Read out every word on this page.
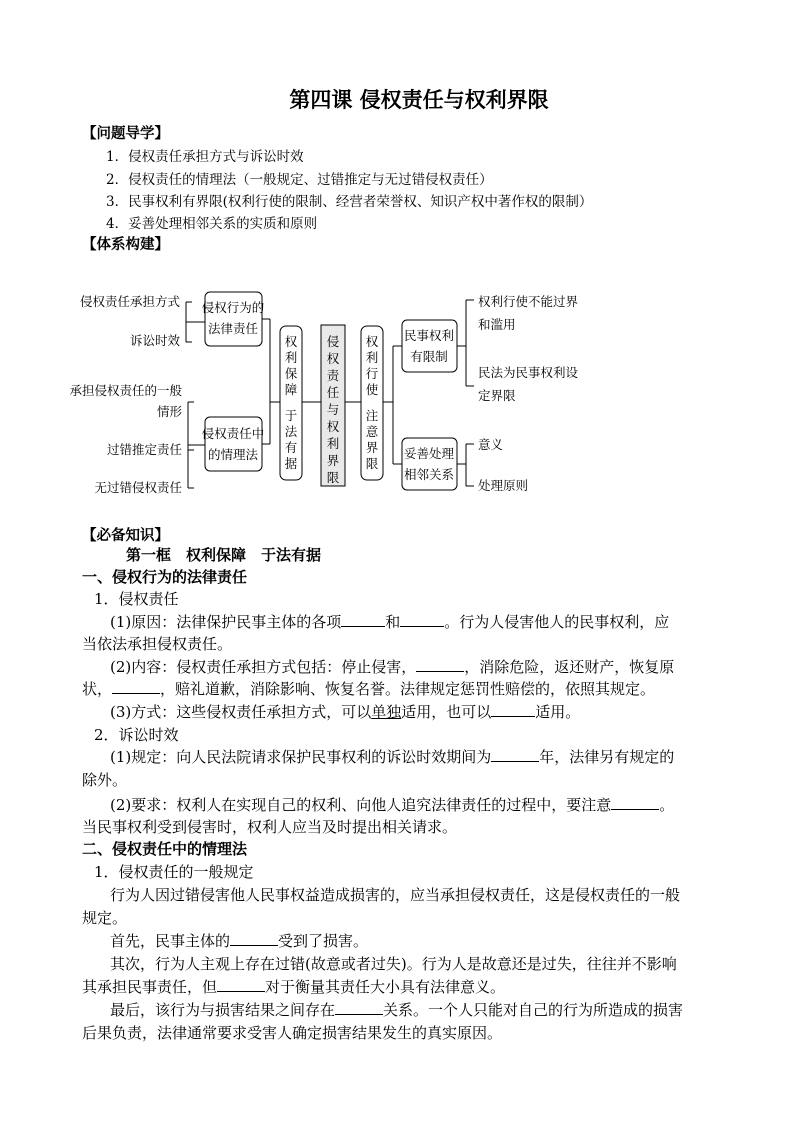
第四课 侵权责任与权利界限
【问题导学】
1．侵权责任承担方式与诉讼时效
2．侵权责任的情理法（一般规定、过错推定与无过错侵权责任）
3．民事权利有界限(权利行使的限制、经营者荣誉权、知识产权中著作权的限制）
4．妥善处理相邻关系的实质和原则
【体系构建】
侵权责任承担方式
诉讼时效
承担侵权责任的一般
情形
过错推定责任
无过错侵权责任
侵权行为的
法律责任
侵权责任中
的情理法
权
利
保
障
于
法
有
据
侵
权
责
任
与
权
利
界
限
权
利
行
使
注
意
界
限
民事权利
有限制
妥善处理
相邻关系
权利行使不能过界
和滥用
民法为民事权利设
定界限
意义
处理原则
【必备知识】
第一框　权利保障　于法有据
一、侵权行为的法律责任
1．侵权责任
(1)原因：法律保护民事主体的各项	和	。行为人侵害他人的民事权利，应
当依法承担侵权责任。
(2)内容：侵权责任承担方式包括：停止侵害，	，消除危险，返还财产，恢复原
状，	，赔礼道歉，消除影响、恢复名誉。法律规定惩罚性赔偿的，依照其规定。
(3)方式：这些侵权责任承担方式，可以单独适用，也可以	适用。
2．诉讼时效
(1)规定：向人民法院请求保护民事权利的诉讼时效期间为	年，法律另有规定的
除外。
(2)要求：权利人在实现自己的权利、向他人追究法律责任的过程中，要注意	。
当民事权利受到侵害时，权利人应当及时提出相关请求。
二、侵权责任中的情理法
1．侵权责任的一般规定
行为人因过错侵害他人民事权益造成损害的，应当承担侵权责任，这是侵权责任的一般
规定。
首先，民事主体的	受到了损害。
其次，行为人主观上存在过错(故意或者过失)。行为人是故意还是过失，往往并不影响
其承担民事责任，但	对于衡量其责任大小具有法律意义。
最后，该行为与损害结果之间存在	关系。一个人只能对自己的行为所造成的损害
后果负责，法律通常要求受害人确定损害结果发生的真实原因。
